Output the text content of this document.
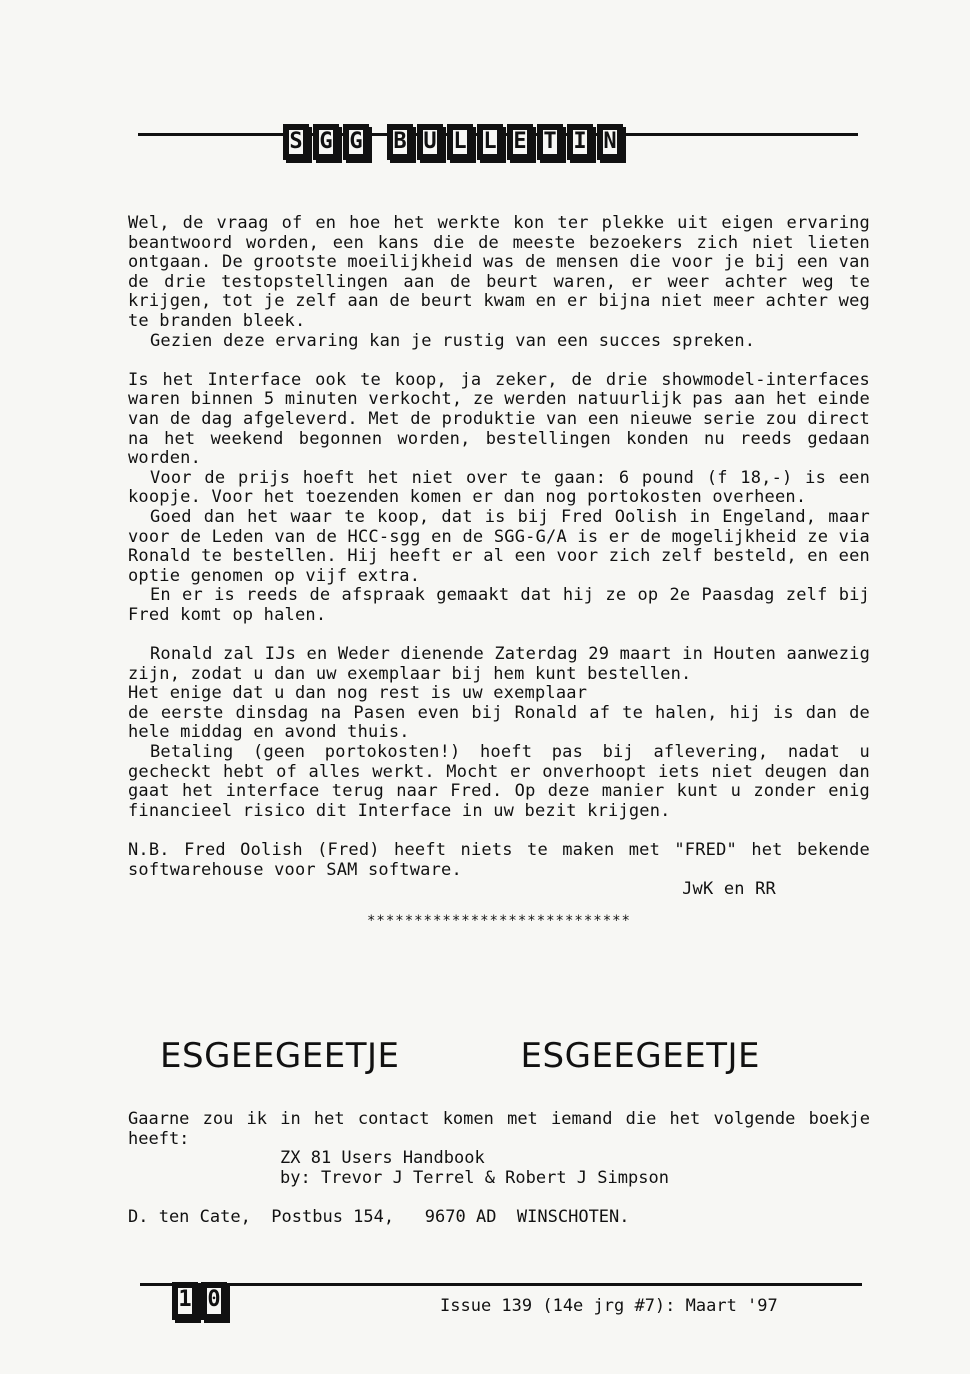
S G G B U L L E T I N

Wel, de vraag of en hoe het werkte kon ter plekke uit eigen ervaring beantwoord worden, een kans die de meeste bezoekers zich niet lieten ontgaan. De grootste moeilijkheid was de mensen die voor je bij een van de drie testopstellingen aan de beurt waren, er weer achter weg te krijgen, tot je zelf aan de beurt kwam en er bijna niet meer achter weg te branden bleek.

Gezien deze ervaring kan je rustig van een succes spreken.

Is het Interface ook te koop, ja zeker, de drie showmodel-interfaces waren binnen 5 minuten verkocht, ze werden natuurlijk pas aan het einde van de dag afgeleverd. Met de produktie van een nieuwe serie zou direct na het weekend begonnen worden, bestellingen konden nu reeds gedaan worden.

Voor de prijs hoeft het niet over te gaan: 6 pound (f 18,-) is een koopje. Voor het toezenden komen er dan nog portokosten overheen.

Goed dan het waar te koop, dat is bij Fred Oolish in Engeland, maar voor de Leden van de HCC-sgg en de SGG-G/A is er de mogelijkheid ze via Ronald te bestellen. Hij heeft er al een voor zich zelf besteld, en een optie genomen op vijf extra.

En er is reeds de afspraak gemaakt dat hij ze op 2e Paasdag zelf bij Fred komt op halen.

Ronald zal IJs en Weder dienende Zaterdag 29 maart in Houten aanwezig zijn, zodat u dan uw exemplaar bij hem kunt bestellen.

Het enige dat u dan nog rest is uw exemplaar

de eerste dinsdag na Pasen even bij Ronald af te halen, hij is dan de hele middag en avond thuis.

Betaling (geen portokosten!) hoeft pas bij aflevering, nadat u gecheckt hebt of alles werkt. Mocht er onverhoopt iets niet deugen dan gaat het interface terug naar Fred. Op deze manier kunt u zonder enig financieel risico dit Interface in uw bezit krijgen.

N.B. Fred Oolish (Fred) heeft niets te maken met "FRED" het bekende softwarehouse voor SAM software.

JwK en RR

****************************

ESGEEGEETJE	ESGEEGEETJE

Gaarne zou ik in het contact komen met iemand die het volgende boekje heeft:

ZX 81 Users Handbook

by: Trevor J Terrel & Robert J Simpson

D. ten Cate,  Postbus 154,   9670 AD  WINSCHOTEN.

1 0	Issue 139 (14e jrg #7): Maart '97
